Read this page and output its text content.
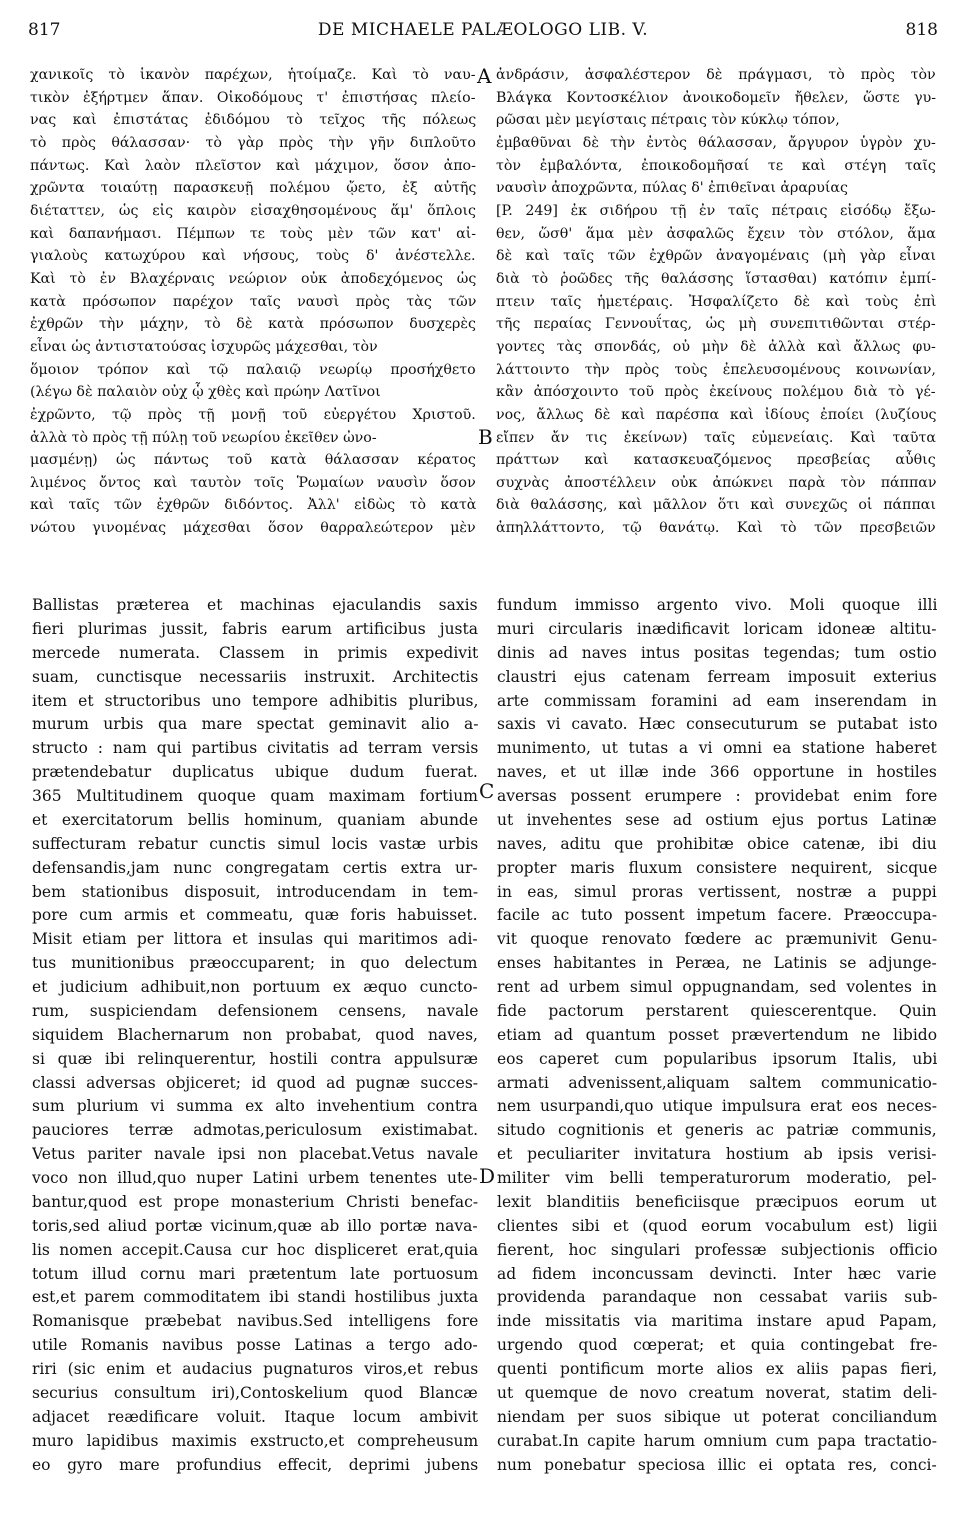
817	DE MICHAELE PALÆOLOGO LIB. V.	818
χανικοῖς τὸ ἱκανὸν παρέχων, ἡτοίμαζε. Καὶ τὸ ναυ-
τικὸν ἐξήρτμεν ἅπαν. Οἰκοδόμους τ' ἐπιστήσας πλείο-
νας καὶ ἐπιστάτας ἐδιδόμου τὸ τεῖχος τῆς πόλεως
τὸ πρὸς θάλασσαν· τὸ γὰρ πρὸς τὴν γῆν διπλοῦτο
πάντως. Καὶ λαὸν πλεῖστον καὶ μάχιμον, ὅσον ἀπο-
χρῶντα τοιαύτῃ παρασκευῇ πολέμου ᾤετο, ἐξ αὐτῆς
διέταττεν, ὡς εἰς καιρὸν εἰσαχθησομένους ἅμ' ὅπλοις
καὶ δαπανήμασι. Πέμπων τε τοὺς μὲν τῶν κατ' αἰ-
γιαλοὺς κατωχύρου καὶ νήσους, τοὺς δ' ἀνέστελλε.
Καὶ τὸ ἐν Βλαχέρναις νεώριον οὐκ ἀποδεχόμενος ὡς
κατὰ πρόσωπον παρέχον ταῖς ναυσὶ πρὸς τὰς τῶν
ἐχθρῶν τὴν μάχην, τὸ δὲ κατὰ πρόσωπον δυσχερὲς
εἶναι ὡς ἀντιστατούσας ἰσχυρῶς μάχεσθαι, τὸν
ὅμοιον τρόπον καὶ τῷ παλαιῷ νεωρίῳ προσήχθετο
(λέγω δὲ παλαιὸν οὐχ ᾧ χθὲς καὶ πρώην Λατῖνοι
ἐχρῶντο, τῷ πρὸς τῇ μονῇ τοῦ εὐεργέτου Χριστοῦ.
ἀλλὰ τὸ πρὸς τῇ πύλῃ τοῦ νεωρίου ἐκεῖθεν ὠνο-
μασμένῃ) ὡς πάντως τοῦ κατὰ θάλασσαν κέρατος
λιμένος ὄντος καὶ ταυτὸν τοῖς Ῥωμαίων ναυσὶν ὅσον
καὶ ταῖς τῶν ἐχθρῶν διδόντος. Ἀλλ' εἰδὼς τὸ κατὰ
νώτου γινομένας μάχεσθαι ὅσον θαρραλεώτερον μὲν
ἀνδράσιν, ἀσφαλέστερον δὲ πράγμασι, τὸ πρὸς τὸν
Βλάγκα Κοντοσκέλιον ἀνοικοδομεῖν ἤθελεν, ὥστε γυ-
ρῶσαι μὲν μεγίσταις πέτραις τὸν κύκλῳ τόπον,
ἐμβαθῦναι δὲ τὴν ἐντὸς θάλασσαν, ἄργυρον ὑγρὸν χυ-
τὸν ἐμβαλόντα, ἐποικοδομῆσαί τε καὶ στέγη ταῖς
ναυσὶν ἀποχρῶντα, πύλας δ' ἐπιθεῖναι ἀραρυίας
[P. 249] ἐκ σιδήρου τῇ ἐν ταῖς πέτραις εἰσόδῳ ἔξω-
θεν, ὥσθ' ἅμα μὲν ἀσφαλῶς ἔχειν τὸν στόλον, ἅμα
δὲ καὶ ταῖς τῶν ἐχθρῶν ἀναγομέναις (μὴ γὰρ εἶναι
διὰ τὸ ῥοῶδες τῆς θαλάσσης ἵστασθαι) κατόπιν ἐμπί-
πτειν ταῖς ἡμετέραις. Ἠσφαλίζετο δὲ καὶ τοὺς ἐπὶ
τῆς περαίας Γεννουΐτας, ὡς μὴ συνεπιτιθῶνται στέρ-
γοντες τὰς σπονδάς, οὐ μὴν δὲ ἀλλὰ καὶ ἄλλως φυ-
λάττοιντο τὴν πρὸς τοὺς ἐπελευσομένους κοινωνίαν,
κἂν ἀπόσχοιντο τοῦ πρὸς ἐκείνους πολέμου διὰ τὸ γέ-
νος, ἄλλως δὲ καὶ παρέσπα καὶ ἰδίους ἐποίει (λυζίους
εἴπεν ἄν τις ἐκείνων) ταῖς εὐμενείαις. Καὶ ταῦτα
πράττων καὶ κατασκευαζόμενος πρεσβείας αὖθις
συχνὰς ἀποστέλλειν οὐκ ἀπώκνει παρὰ τὸν πάππαν
διὰ θαλάσσης, καὶ μᾶλλον ὅτι καὶ συνεχῶς οἱ πάππαι
ἀπηλλάττοντο, τῷ θανάτῳ. Καὶ τὸ τῶν πρεσβειῶν
Ballistas præterea et machinas ejaculandis saxis
fieri plurimas jussit, fabris earum artificibus justa
mercede numerata. Classem in primis expedivit
suam, cunctisque necessariis instruxit. Architectis
item et structoribus uno tempore adhibitis pluribus,
murum urbis qua mare spectat geminavit alio a-
structo : nam qui partibus civitatis ad terram versis
prætendebatur duplicatus ubique dudum fuerat.
365 Multitudinem quoque quam maximam fortium
et exercitatorum bellis hominum, quaniam abunde
suffecturam rebatur cunctis simul locis vastæ urbis
defensandis,jam nunc congregatam certis extra ur-
bem stationibus disposuit, introducendam in tem-
pore cum armis et commeatu, quæ foris habuisset.
Misit etiam per littora et insulas qui maritimos adi-
tus munitionibus præoccuparent; in quo delectum
et judicium adhibuit,non portuum ex æquo cuncto-
rum, suspiciendam defensionem censens, navale
siquidem Blachernarum non probabat, quod naves,
si quæ ibi relinquerentur, hostili contra appulsuræ
classi adversas objiceret; id quod ad pugnæ succes-
sum plurium vi summa ex alto invehentium contra
pauciores terræ admotas,periculosum existimabat.
Vetus pariter navale ipsi non placebat.Vetus navale
voco non illud,quo nuper Latini urbem tenentes ute-
bantur,quod est prope monasterium Christi benefac-
toris,sed aliud portæ vicinum,quæ ab illo portæ nava-
lis nomen accepit.Causa cur hoc displiceret erat,quia
totum illud cornu mari prætentum late portuosum
est,et parem commoditatem ibi standi hostilibus juxta
Romanisque præbebat navibus.Sed intelligens fore
utile Romanis navibus posse Latinas a tergo ado-
riri (sic enim et audacius pugnaturos viros,et rebus
securius consultum iri),Contoskelium quod Blancæ
adjacet reædificare voluit. Itaque locum ambivit
muro lapidibus maximis exstructo,et compreheusum
eo gyro mare profundius effecit, deprimi jubens
fundum immisso argento vivo. Moli quoque illi
muri circularis inædificavit loricam idoneæ altitu-
dinis ad naves intus positas tegendas; tum ostio
claustri ejus catenam ferream imposuit exterius
arte commissam foramini ad eam inserendam in
saxis vi cavato. Hæc consecuturum se putabat isto
munimento, ut tutas a vi omni ea statione haberet
naves, et ut illæ inde 366 opportune in hostiles
aversas possent erumpere : providebat enim fore
ut invehentes sese ad ostium ejus portus Latinæ
naves, aditu que prohibitæ obice catenæ, ibi diu
propter maris fluxum consistere nequirent, sicque
in eas, simul proras vertissent, nostræ a puppi
facile ac tuto possent impetum facere. Præoccupa-
vit quoque renovato fœdere ac præmunivit Genu-
enses habitantes in Peræa, ne Latinis se adjunge-
rent ad urbem simul oppugnandam, sed volentes in
fide pactorum perstarent quiescerentque. Quin
etiam ad quantum posset prævertendum ne libido
eos caperet cum popularibus ipsorum Italis, ubi
armati advenissent,aliquam saltem communicatio-
nem usurpandi,quo utique impulsura erat eos neces-
situdo cognitionis et generis ac patriæ communis,
et peculiariter invitatura hostium ab ipsis verisi-
militer vim belli temperaturorum moderatio, pel-
lexit blanditiis beneficiisque præcipuos eorum ut
clientes sibi et (quod eorum vocabulum est) ligii
fierent, hoc singulari professæ subjectionis officio
ad fidem inconcussam devincti. Inter hæc varie
providenda parandaque non cessabat variis sub-
inde missitatis via maritima instare apud Papam,
urgendo quod cœperat; et quia contingebat fre-
quenti pontificum morte alios ex aliis papas fieri,
ut quemque de novo creatum noverat, statim deli-
niendam per suos sibique ut poterat conciliandum
curabat.In capite harum omnium cum papa tractatio-
num ponebatur speciosa illic ei optata res, conci-
A
B
C
D
